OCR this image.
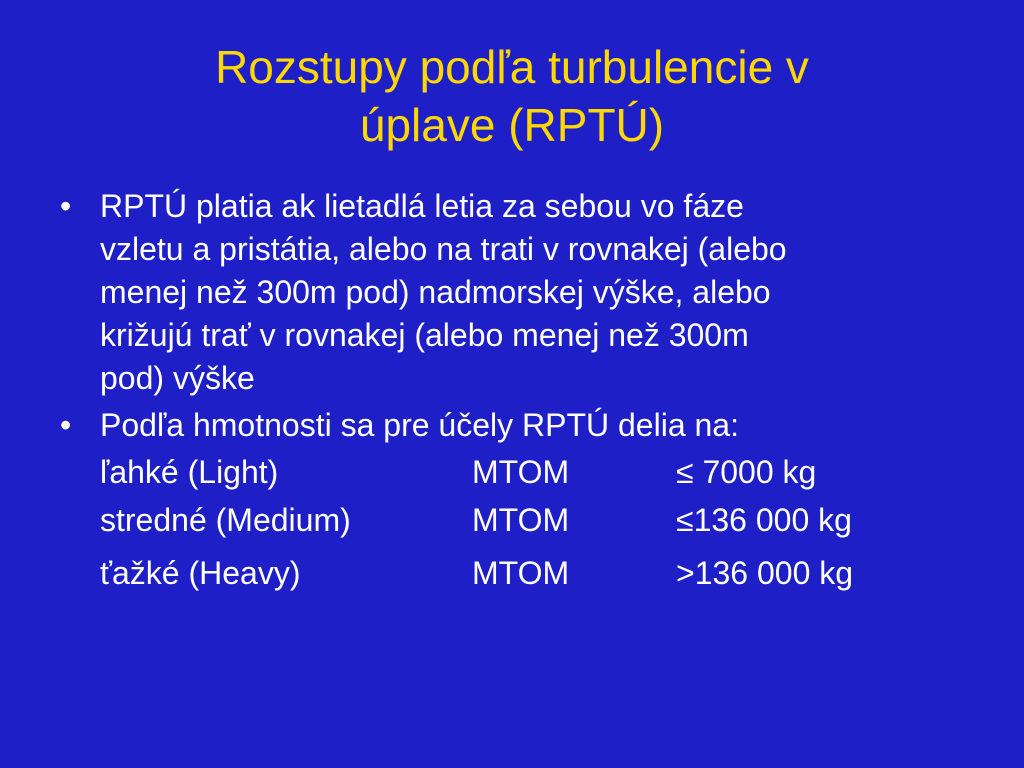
Rozstupy podľa turbulencie v
úplave (RPTÚ)
• RPTÚ platia ak lietadlá letia za sebou vo fáze
vzletu a pristátia, alebo na trati v rovnakej (alebo
menej než 300m pod) nadmorskej výške, alebo
križujú trať v rovnakej (alebo menej než 300m
pod) výške
• Podľa hmotnosti sa pre účely RPTÚ delia na:
ľahké (Light)	MTOM	≤ 7000 kg
stredné (Medium)	MTOM	≤136 000 kg
ťažké (Heavy)	MTOM	>136 000 kg
